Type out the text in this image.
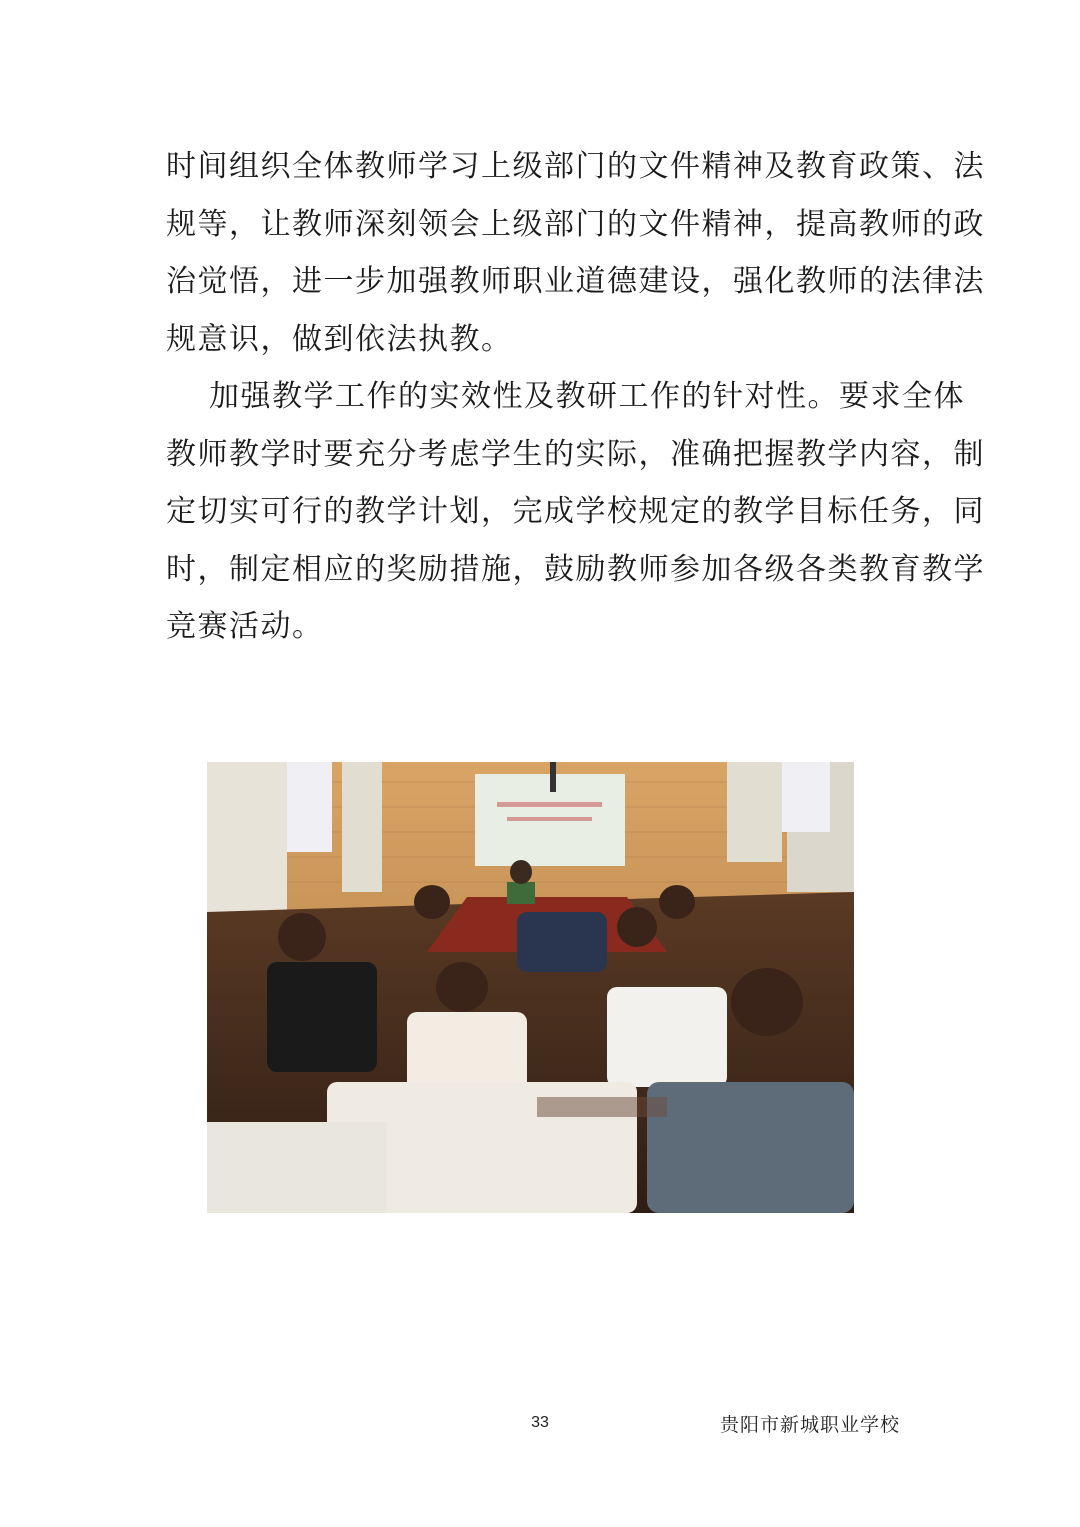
时间组织全体教师学习上级部门的文件精神及教育政策、法
规等，让教师深刻领会上级部门的文件精神，提高教师的政
治觉悟，进一步加强教师职业道德建设，强化教师的法律法
规意识，做到依法执教。
加强教学工作的实效性及教研工作的针对性。要求全体
教师教学时要充分考虑学生的实际，准确把握教学内容，制
定切实可行的教学计划，完成学校规定的教学目标任务，同
时，制定相应的奖励措施，鼓励教师参加各级各类教育教学
竞赛活动。
33	贵阳市新城职业学校
